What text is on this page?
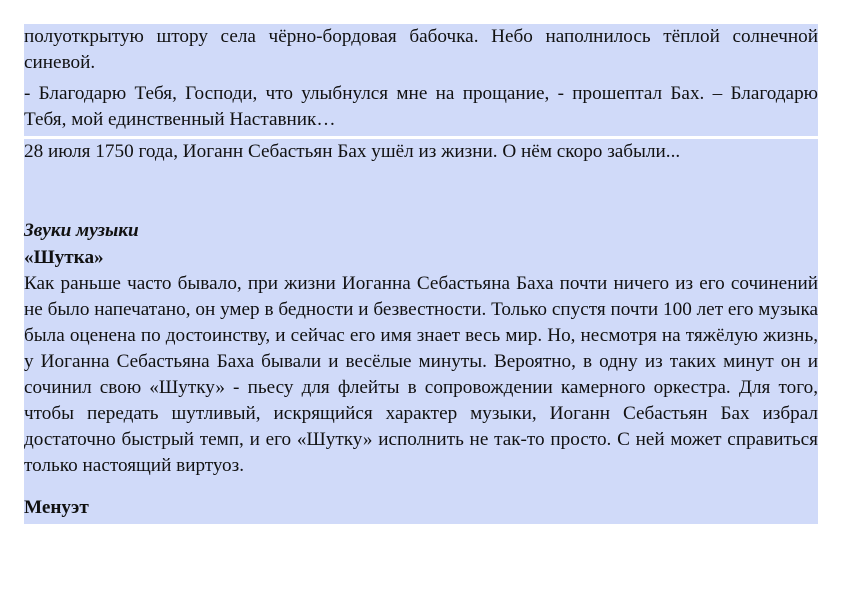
полуоткрытую штору села чёрно-бордовая бабочка. Небо наполнилось тёплой солнечной синевой.

- Благодарю Тебя, Господи, что улыбнулся мне на прощание, - прошептал Бах. – Благодарю Тебя, мой единственный Наставник…

28 июля 1750 года, Иоганн Себастьян Бах ушёл из жизни. О нём скоро забыли...

Звуки музыки

«Шутка»

Как раньше часто бывало, при жизни Иоганна Себастьяна Баха почти ничего из его сочинений не было напечатано, он умер в бедности и безвестности. Только спустя почти 100 лет его музыка была оценена по достоинству, и сейчас его имя знает весь мир. Но, несмотря на тяжёлую жизнь, у Иоганна Себастьяна Баха бывали и весёлые минуты. Вероятно, в одну из таких минут он и сочинил свою «Шутку» - пьесу для флейты в сопровождении камерного оркестра. Для того, чтобы передать шутливый, искрящийся характер музыки, Иоганн Себастьян Бах избрал достаточно быстрый темп, и его «Шутку» исполнить не так-то просто. С ней может справиться только настоящий виртуоз.

Менуэт
